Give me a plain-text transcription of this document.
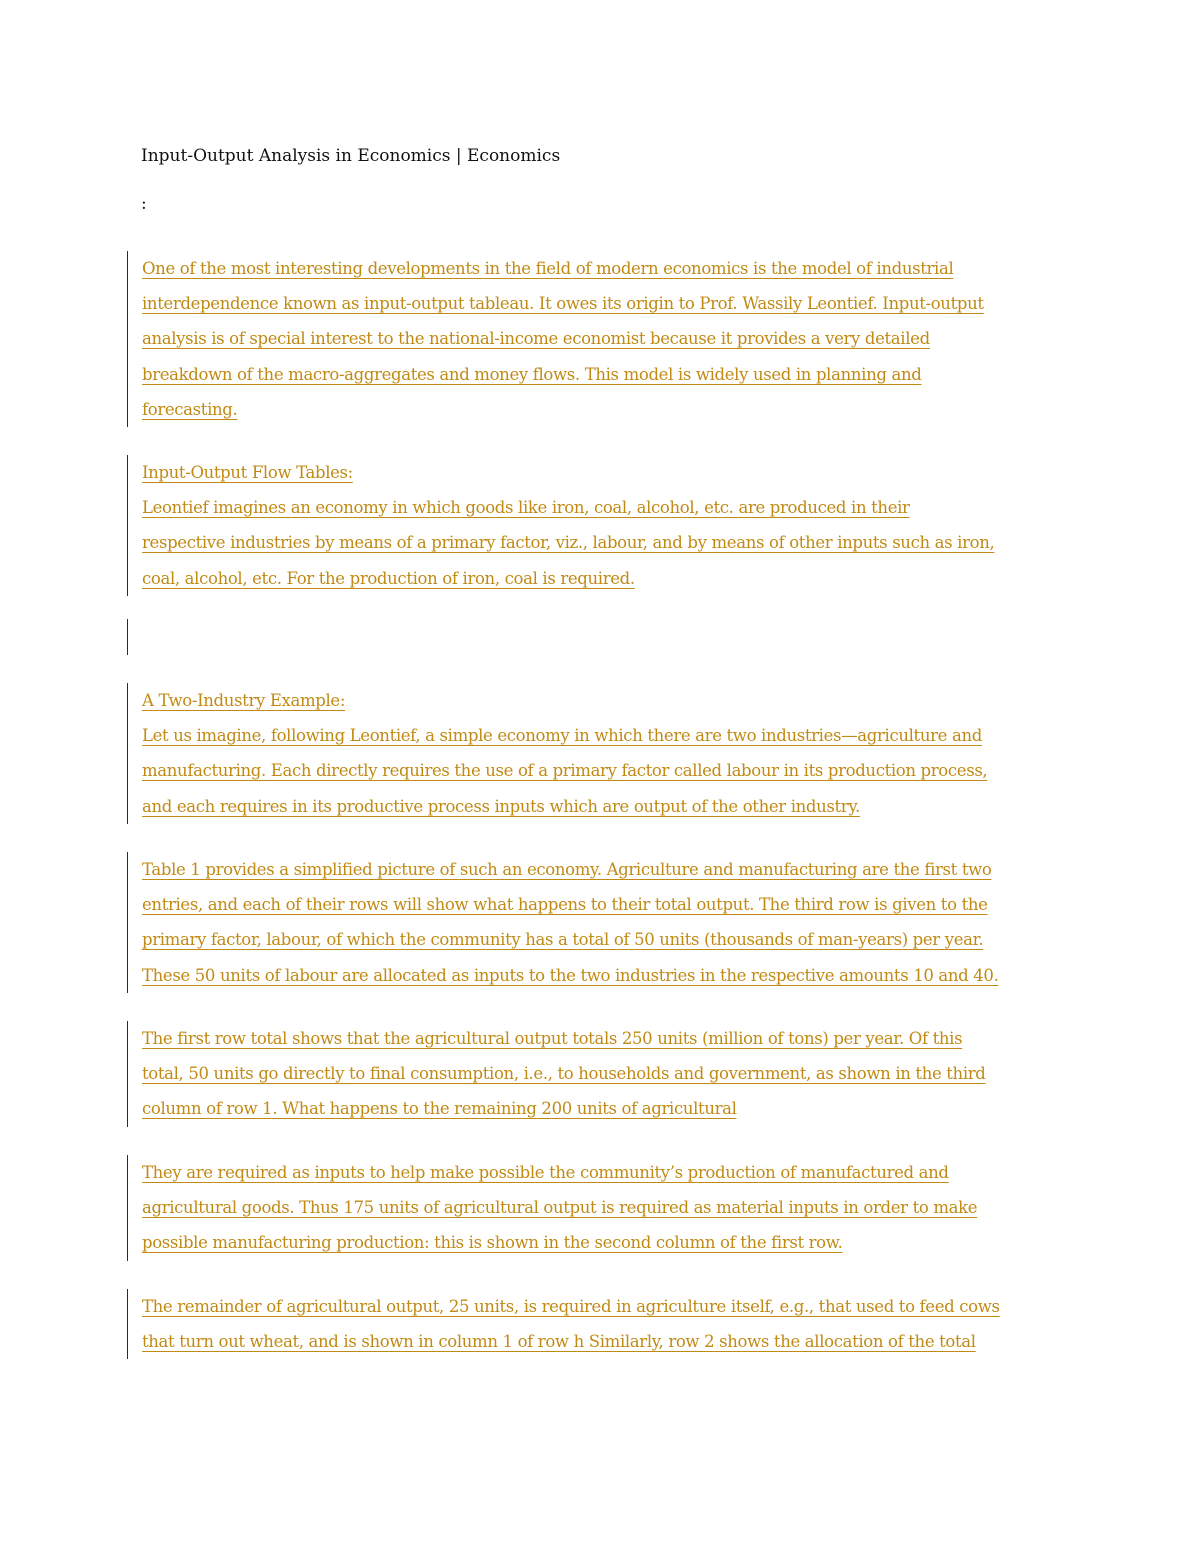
Input-Output Analysis in Economics | Economics
:
One of the most interesting developments in the field of modern economics is the model of industrial
interdependence known as input-output tableau. It owes its origin to Prof. Wassily Leontief. Input-output
analysis is of special interest to the national-income economist because it provides a very detailed
breakdown of the macro-aggregates and money flows. This model is widely used in planning and
forecasting.
Input-Output Flow Tables:
Leontief imagines an economy in which goods like iron, coal, alcohol, etc. are produced in their
respective industries by means of a primary factor, viz., labour, and by means of other inputs such as iron,
coal, alcohol, etc. For the production of iron, coal is required.
A Two-Industry Example:
Let us imagine, following Leontief, a simple economy in which there are two industries—agriculture and
manufacturing. Each directly requires the use of a primary factor called labour in its production process,
and each requires in its productive process inputs which are output of the other industry.
Table 1 provides a simplified picture of such an economy. Agriculture and manufacturing are the first two
entries, and each of their rows will show what happens to their total output. The third row is given to the
primary factor, labour, of which the community has a total of 50 units (thousands of man-years) per year.
These 50 units of labour are allocated as inputs to the two industries in the respective amounts 10 and 40.
The first row total shows that the agricultural output totals 250 units (million of tons) per year. Of this
total, 50 units go directly to final consumption, i.e., to households and government, as shown in the third
column of row 1. What happens to the remaining 200 units of agricultural
They are required as inputs to help make possible the community’s production of manufactured and
agricultural goods. Thus 175 units of agricultural output is required as material inputs in order to make
possible manufacturing production: this is shown in the second column of the first row.
The remainder of agricultural output, 25 units, is required in agriculture itself, e.g., that used to feed cows
that turn out wheat, and is shown in column 1 of row h Similarly, row 2 shows the allocation of the total
